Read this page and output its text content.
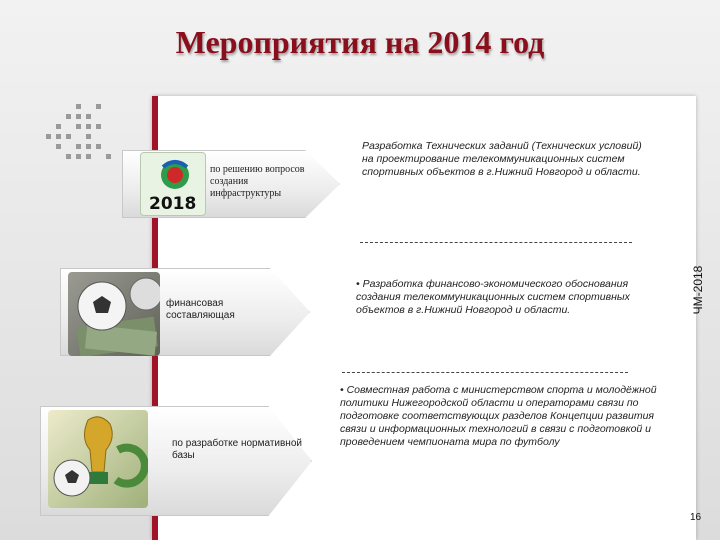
Мероприятия на 2014 год
ЧМ-2018
2018
по решению вопросов создания инфраструктуры
Разработка Технических заданий (Технических условий) на проектирование телекоммуникационных систем спортивных объектов в г.Нижний Новгород и области.
финансовая составляющая
• Разработка финансово-экономического обоснования создания телекоммуникационных систем спортивных объектов в г.Нижний Новгород и области.
по разработке нормативной базы
• Совместная работа с министерством спорта и молодёжной политики Нижегородской области и операторами связи по подготовке соответствующих разделов Концепции развития связи и информационных технологий в связи с подготовкой и проведением чемпионата мира по футболу
16
